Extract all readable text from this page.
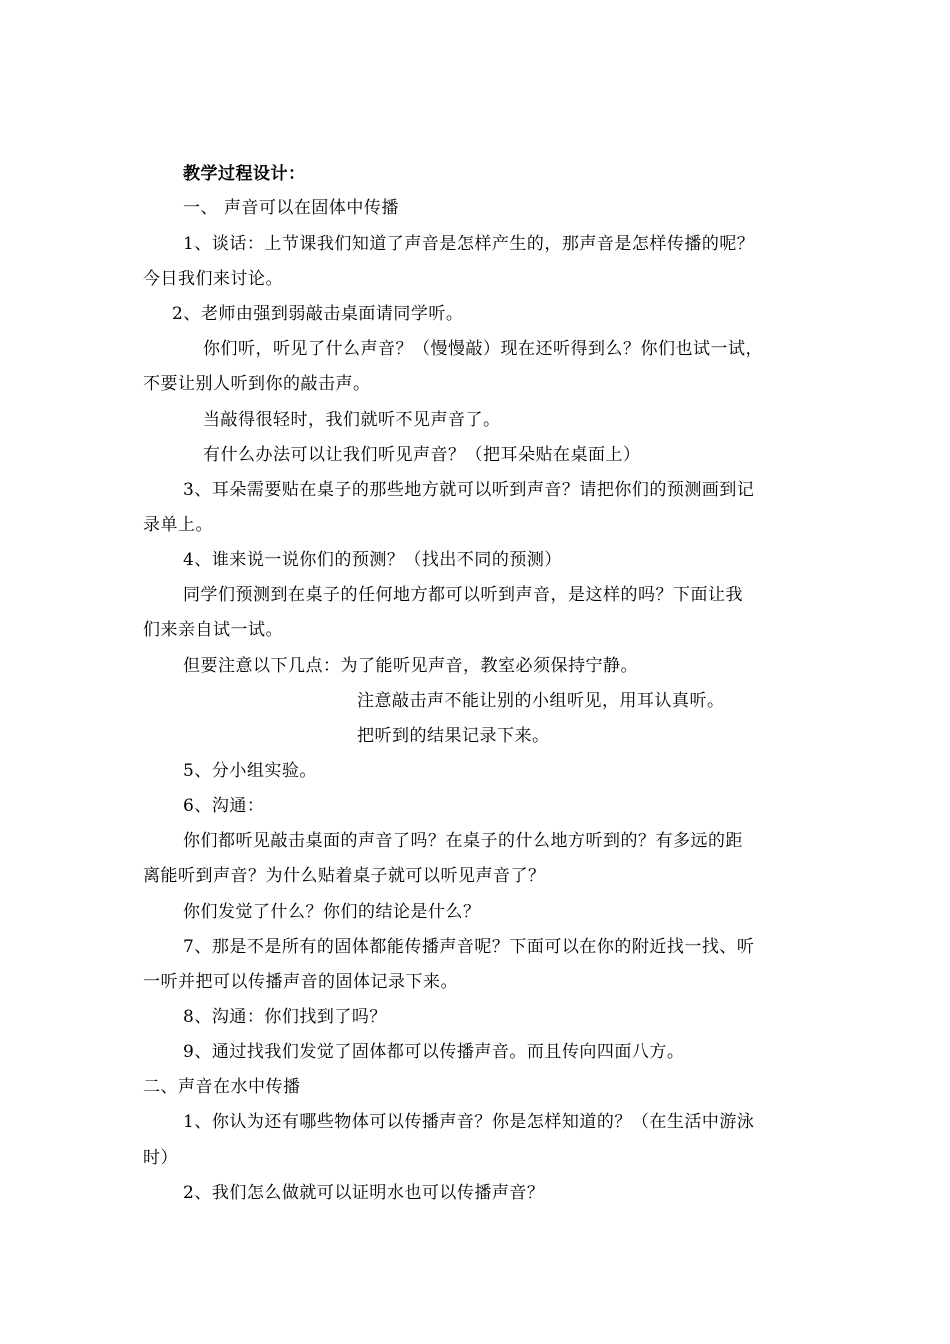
教学过程设计：
一、 声音可以在固体中传播
1、谈话：上节课我们知道了声音是怎样产生的，那声音是怎样传播的呢？
今日我们来讨论。
2、老师由强到弱敲击桌面请同学听。
你们听，听见了什么声音？（慢慢敲）现在还听得到么？你们也试一试，
不要让别人听到你的敲击声。
当敲得很轻时，我们就听不见声音了。
有什么办法可以让我们听见声音？（把耳朵贴在桌面上）
3、耳朵需要贴在桌子的那些地方就可以听到声音？请把你们的预测画到记
录单上。
4、谁来说一说你们的预测？（找出不同的预测）
同学们预测到在桌子的任何地方都可以听到声音，是这样的吗？下面让我
们来亲自试一试。
但要注意以下几点：为了能听见声音，教室必须保持宁静。
注意敲击声不能让别的小组听见，用耳认真听。
把听到的结果记录下来。
5、分小组实验。
6、沟通：
你们都听见敲击桌面的声音了吗？在桌子的什么地方听到的？有多远的距
离能听到声音？为什么贴着桌子就可以听见声音了？
你们发觉了什么？你们的结论是什么？
7、那是不是所有的固体都能传播声音呢？下面可以在你的附近找一找、听
一听并把可以传播声音的固体记录下来。
8、沟通：你们找到了吗？
9、通过找我们发觉了固体都可以传播声音。而且传向四面八方。
二、声音在水中传播
1、你认为还有哪些物体可以传播声音？你是怎样知道的？（在生活中游泳
时）
2、我们怎么做就可以证明水也可以传播声音？
